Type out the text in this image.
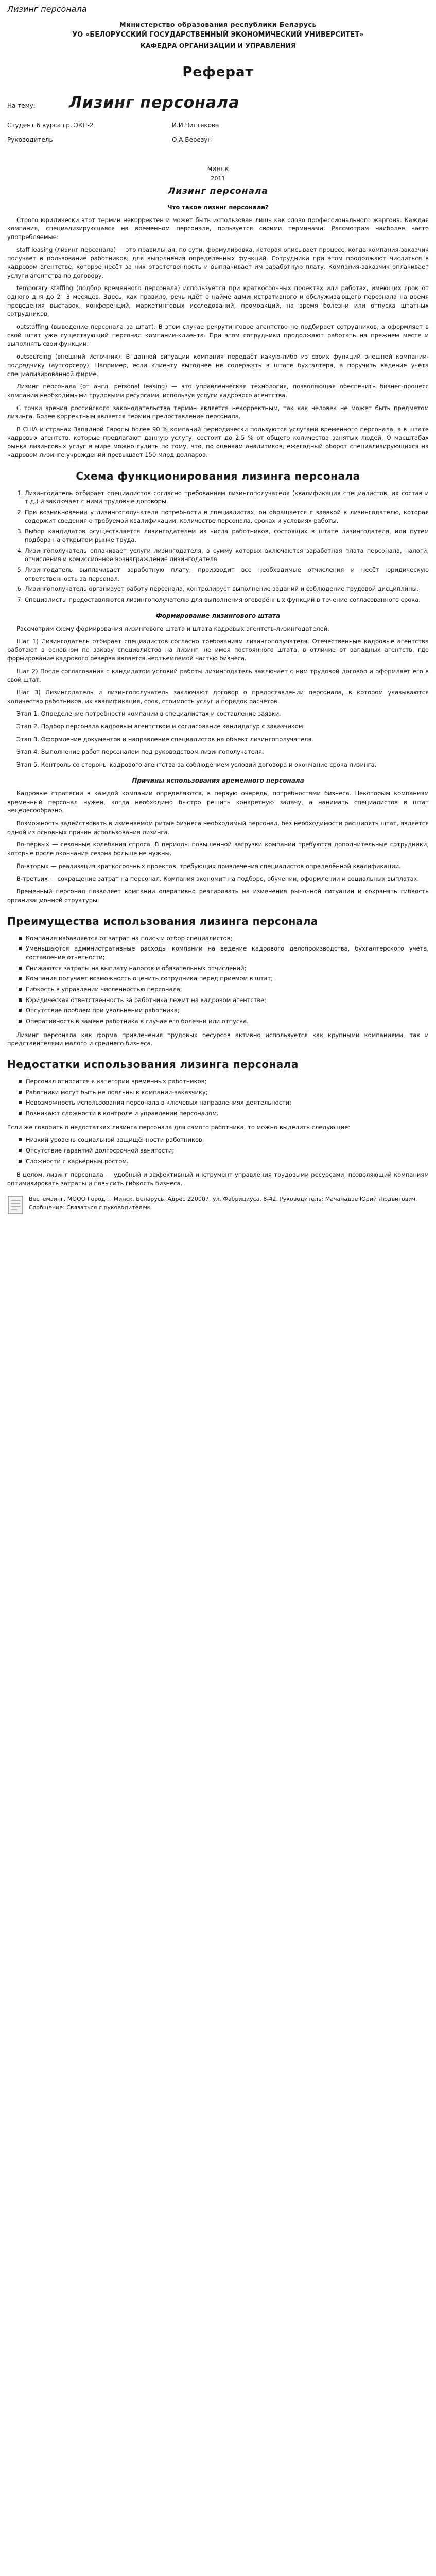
Лизинг персонала
Министерство образования республики Беларусь
УО «БЕЛОРУССКИЙ ГОСУДАРСТВЕННЫЙ ЭКОНОМИЧЕСКИЙ УНИВЕРСИТЕТ»
КАФЕДРА ОРГАНИЗАЦИИ И УПРАВЛЕНИЯ
Реферат
На тему:	Лизинг персонала
Студент 6 курса гр. ЭКП-2	И.И.Чистякова
Руководитель	О.А.Березун
МИНСК
2011
Лизинг персонала
Что такое лизинг персонала?

Строго юридически этот термин некорректен и может быть использован лишь как слово профессионального жаргона. Каждая компания, специализирующаяся на временном персонале, пользуется своими терминами. Рассмотрим наиболее часто употребляемые:

staff leasing (лизинг персонала) — это правильная, по сути, формулировка, которая описывает процесс, когда компания-заказчик получает в пользование работников, для выполнения определённых функций. Сотрудники при этом продолжают числиться в кадровом агентстве, которое несёт за них ответственность и выплачивает им заработную плату. Компания-заказчик оплачивает услуги агентства по договору.

temporary staffing (подбор временного персонала) используется при краткосрочных проектах или работах, имеющих срок от одного дня до 2—3 месяцев. Здесь, как правило, речь идёт о найме административного и обслуживающего персонала на время проведения выставок, конференций, маркетинговых исследований, промоакций, на время болезни или отпуска штатных сотрудников.

outstaffing (выведение персонала за штат). В этом случае рекрутинговое агентство не подбирает сотрудников, а оформляет в свой штат уже существующий персонал компании-клиента. При этом сотрудники продолжают работать на прежнем месте и выполнять свои функции.

outsourcing (внешний источник). В данной ситуации компания передаёт какую-либо из своих функций внешней компании-подрядчику (аутсорсеру). Например, если клиенту выгоднее не содержать в штате бухгалтера, а поручить ведение учёта специализированной фирме.

Лизинг персонала (от англ. personal leasing) — это управленческая технология, позволяющая обеспечить бизнес-процесс компании необходимыми трудовыми ресурсами, используя услуги кадрового агентства.

С точки зрения российского законодательства термин является некорректным, так как человек не может быть предметом лизинга. Более корректным является термин предоставление персонала.

В США и странах Западной Европы более 90 % компаний периодически пользуются услугами временного персонала, а в штате кадровых агентств, которые предлагают данную услугу, состоит до 2,5 % от общего количества занятых людей. О масштабах рынка лизинговых услуг в мире можно судить по тому, что, по оценкам аналитиков, ежегодный оборот специализирующихся на кадровом лизинге учреждений превышает 150 млрд долларов.

Схема функционирования лизинга персонала
1. Лизингодатель отбирает специалистов согласно требованиям лизингополучателя (квалификация специалистов, их состав и т.д.) и заключает с ними трудовые договоры.
2. При возникновении у лизингополучателя потребности в специалистах, он обращается с заявкой к лизингодателю, которая содержит сведения о требуемой квалификации, количестве персонала, сроках и условиях работы.
3. Выбор кандидатов осуществляется лизингодателем из числа работников, состоящих в штате лизингодателя, или путём подбора на открытом рынке труда.
4. Лизингополучатель оплачивает услуги лизингодателя, в сумму которых включаются заработная плата персонала, налоги, отчисления и комиссионное вознаграждение лизингодателя.
5. Лизингодатель выплачивает заработную плату, производит все необходимые отчисления и несёт юридическую ответственность за персонал.
6. Лизингополучатель организует работу персонала, контролирует выполнение заданий и соблюдение трудовой дисциплины.
7. Специалисты предоставляются лизингополучателю для выполнения оговорённых функций в течение согласованного срока.
Формирование лизингового штата

Рассмотрим схему формирования лизингового штата и штата кадровых агентств-лизингодателей.

Шаг 1) Лизингодатель отбирает специалистов согласно требованиям лизингополучателя. Отечественные кадровые агентства работают в основном по заказу специалистов на лизинг, не имея постоянного штата, в отличие от западных агентств, где формирование кадрового резерва является неотъемлемой частью бизнеса.

Шаг 2) После согласования с кандидатом условий работы лизингодатель заключает с ним трудовой договор и оформляет его в свой штат.

Шаг 3) Лизингодатель и лизингополучатель заключают договор о предоставлении персонала, в котором указываются количество работников, их квалификация, срок, стоимость услуг и порядок расчётов.

Этап 1. Определение потребности компании в специалистах и составление заявки.

Этап 2. Подбор персонала кадровым агентством и согласование кандидатур с заказчиком.

Этап 3. Оформление документов и направление специалистов на объект лизингополучателя.

Этап 4. Выполнение работ персоналом под руководством лизингополучателя.

Этап 5. Контроль со стороны кадрового агентства за соблюдением условий договора и окончание срока лизинга.

Причины использования временного персонала

Кадровые стратегии в каждой компании определяются, в первую очередь, потребностями бизнеса. Некоторым компаниям временный персонал нужен, когда необходимо быстро решить конкретную задачу, а нанимать специалистов в штат нецелесообразно.

Возможность задействовать в изменяемом ритме бизнеса необходимый персонал, без необходимости расширять штат, является одной из основных причин использования лизинга.

Во-первых — сезонные колебания спроса. В периоды повышенной загрузки компании требуются дополнительные сотрудники, которые после окончания сезона больше не нужны.

Во-вторых — реализация краткосрочных проектов, требующих привлечения специалистов определённой квалификации.

В-третьих — сокращение затрат на персонал. Компания экономит на подборе, обучении, оформлении и социальных выплатах.

Временный персонал позволяет компании оперативно реагировать на изменения рыночной ситуации и сохранять гибкость организационной структуры.

Преимущества использования лизинга персонала
Компания избавляется от затрат на поиск и отбор специалистов;
Уменьшаются административные расходы компании на ведение кадрового делопроизводства, бухгалтерского учёта, составление отчётности;
Снижаются затраты на выплату налогов и обязательных отчислений;
Компания получает возможность оценить сотрудника перед приёмом в штат;
Гибкость в управлении численностью персонала;
Юридическая ответственность за работника лежит на кадровом агентстве;
Отсутствие проблем при увольнении работника;
Оперативность в замене работника в случае его болезни или отпуска.

Лизинг персонала как форма привлечения трудовых ресурсов активно используется как крупными компаниями, так и представителями малого и среднего бизнеса.

Недостатки использования лизинга персонала
Персонал относится к категории временных работников;
Работники могут быть не лояльны к компании-заказчику;
Невозможность использования персонала в ключевых направлениях деятельности;
Возникают сложности в контроле и управлении персоналом.

Если же говорить о недостатках лизинга персонала для самого работника, то можно выделить следующие:

Низкий уровень социальной защищённости работников;
Отсутствие гарантий долгосрочной занятости;
Сложности с карьерным ростом.

В целом, лизинг персонала — удобный и эффективный инструмент управления трудовыми ресурсами, позволяющий компаниям оптимизировать затраты и повысить гибкость бизнеса.

Вестемзинг, МООО Город г. Минск, Беларусь. Адрес 220007, ул. Фабрициуса, 8-42. Руководитель: Мачанадзе Юрий Людвигович. Сообщение: Связаться с руководителем.
